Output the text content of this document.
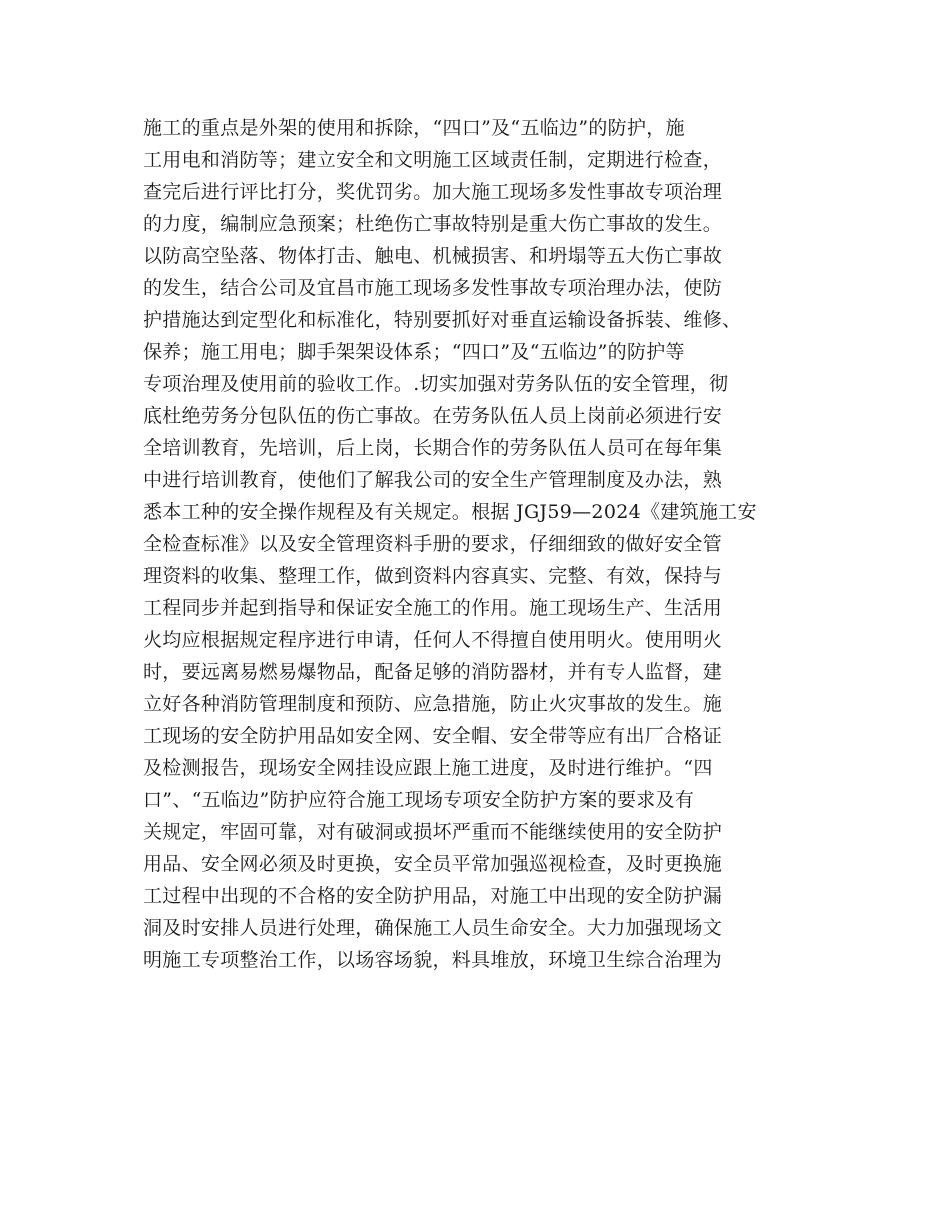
施工的重点是外架的使用和拆除，“四口”及“五临边”的防护，施
工用电和消防等；建立安全和文明施工区域责任制，定期进行检查，
查完后进行评比打分，奖优罚劣。加大施工现场多发性事故专项治理
的力度，编制应急预案；杜绝伤亡事故特别是重大伤亡事故的发生。
以防高空坠落、物体打击、触电、机械损害、和坍塌等五大伤亡事故
的发生，结合公司及宜昌市施工现场多发性事故专项治理办法，使防
护措施达到定型化和标准化，特别要抓好对垂直运输设备拆装、维修、
保养；施工用电；脚手架架设体系；“四口”及“五临边”的防护等
专项治理及使用前的验收工作。.切实加强对劳务队伍的安全管理，彻
底杜绝劳务分包队伍的伤亡事故。在劳务队伍人员上岗前必须进行安
全培训教育，先培训，后上岗，长期合作的劳务队伍人员可在每年集
中进行培训教育，使他们了解我公司的安全生产管理制度及办法，熟
悉本工种的安全操作规程及有关规定。根据 JGJ59—2024《建筑施工安
全检查标准》以及安全管理资料手册的要求，仔细细致的做好安全管
理资料的收集、整理工作，做到资料内容真实、完整、有效，保持与
工程同步并起到指导和保证安全施工的作用。施工现场生产、生活用
火均应根据规定程序进行申请，任何人不得擅自使用明火。使用明火
时，要远离易燃易爆物品，配备足够的消防器材，并有专人监督，建
立好各种消防管理制度和预防、应急措施，防止火灾事故的发生。施
工现场的安全防护用品如安全网、安全帽、安全带等应有出厂合格证
及检测报告，现场安全网挂设应跟上施工进度，及时进行维护。“四
口”、“五临边”防护应符合施工现场专项安全防护方案的要求及有
关规定，牢固可靠，对有破洞或损坏严重而不能继续使用的安全防护
用品、安全网必须及时更换，安全员平常加强巡视检查，及时更换施
工过程中出现的不合格的安全防护用品，对施工中出现的安全防护漏
洞及时安排人员进行处理，确保施工人员生命安全。大力加强现场文
明施工专项整治工作，以场容场貌，料具堆放，环境卫生综合治理为
